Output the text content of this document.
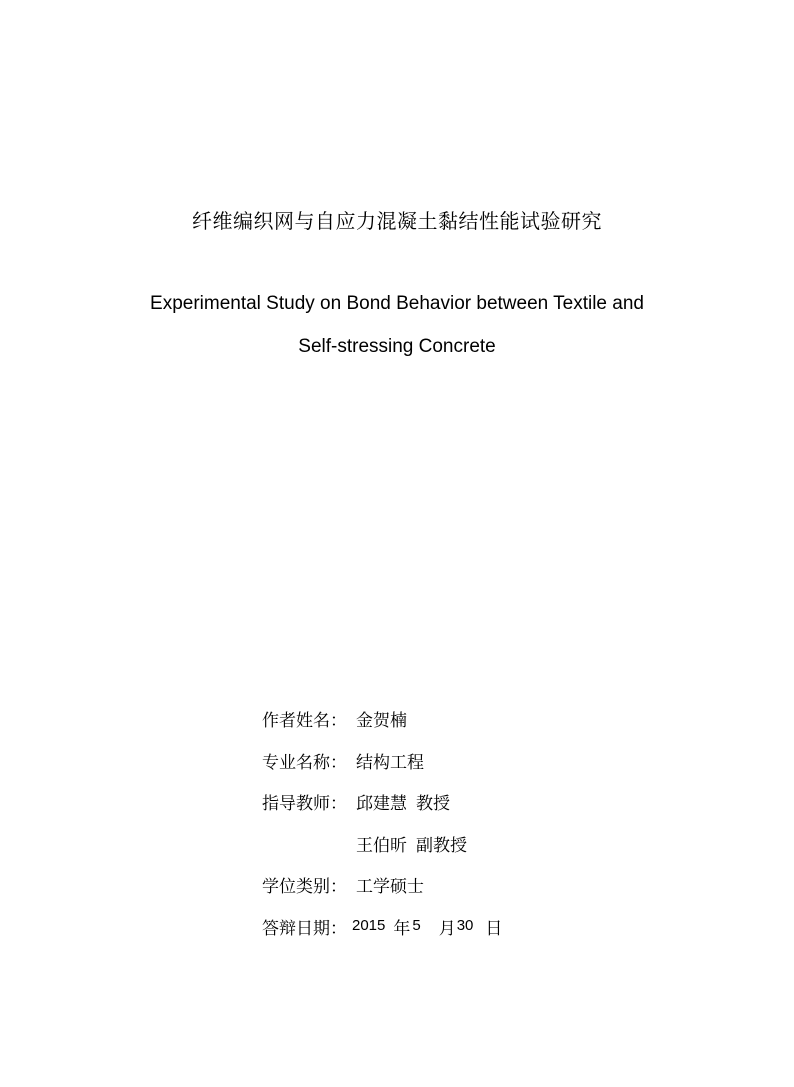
纤维编织网与自应力混凝土黏结性能试验研究
Experimental Study on Bond Behavior between Textile and
Self-stressing Concrete
作者姓名： 金贺楠
专业名称： 结构工程
指导教师： 邱建慧 教授
王伯昕 副教授
学位类别： 工学硕士
答辩日期： 2015 年 5 月30 日
